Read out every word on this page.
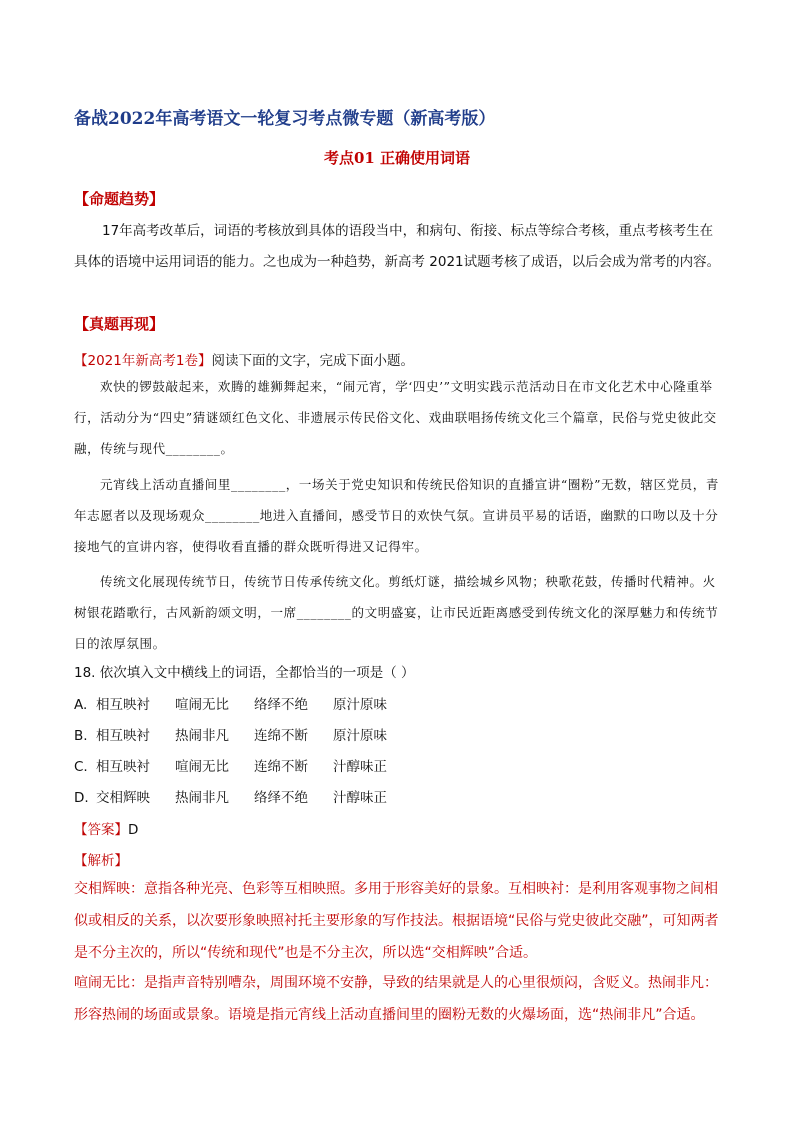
备战2022年高考语文一轮复习考点微专题（新高考版）
考点01 正确使用词语
【命题趋势】
17年高考改革后，词语的考核放到具体的语段当中，和病句、衔接、标点等综合考核，重点考核考生在具体的语境中运用词语的能力。之也成为一种趋势，新高考 2021试题考核了成语，以后会成为常考的内容。
【真题再现】
【2021年新高考1卷】阅读下面的文字，完成下面小题。
欢快的锣鼓敲起来，欢腾的雄狮舞起来，“闹元宵，学‘四史’”文明实践示范活动日在市文化艺术中心隆重举行，活动分为“四史”猜谜颂红色文化、非遗展示传民俗文化、戏曲联唱扬传统文化三个篇章，民俗与党史彼此交融，传统与现代________。
元宵线上活动直播间里________，一场关于党史知识和传统民俗知识的直播宣讲“圈粉”无数，辖区党员，青年志愿者以及现场观众________地进入直播间，感受节日的欢快气氛。宣讲员平易的话语，幽默的口吻以及十分接地气的宣讲内容，使得收看直播的群众既听得进又记得牢。
传统文化展现传统节日，传统节日传承传统文化。剪纸灯谜，描绘城乡风物；秧歌花鼓，传播时代精神。火树银花踏歌行，古风新韵颂文明，一席________的文明盛宴，让市民近距离感受到传统文化的深厚魅力和传统节日的浓厚氛围。
18. 依次填入文中横线上的词语，全都恰当的一项是（ ）
A. 相互映衬 喧闹无比 络绎不绝 原汁原味
B. 相互映衬 热闹非凡 连绵不断 原汁原味
C. 相互映衬 喧闹无比 连绵不断 汁醇味正
D. 交相辉映 热闹非凡 络绎不绝 汁醇味正
【答案】D
【解析】
交相辉映：意指各种光亮、色彩等互相映照。多用于形容美好的景象。互相映衬：是利用客观事物之间相似或相反的关系，以次要形象映照衬托主要形象的写作技法。根据语境“民俗与党史彼此交融”，可知两者是不分主次的，所以“传统和现代”也是不分主次，所以选“交相辉映”合适。
喧闹无比：是指声音特别嘈杂，周围环境不安静，导致的结果就是人的心里很烦闷，含贬义。热闹非凡：形容热闹的场面或景象。语境是指元宵线上活动直播间里的圈粉无数的火爆场面，选“热闹非凡”合适。
